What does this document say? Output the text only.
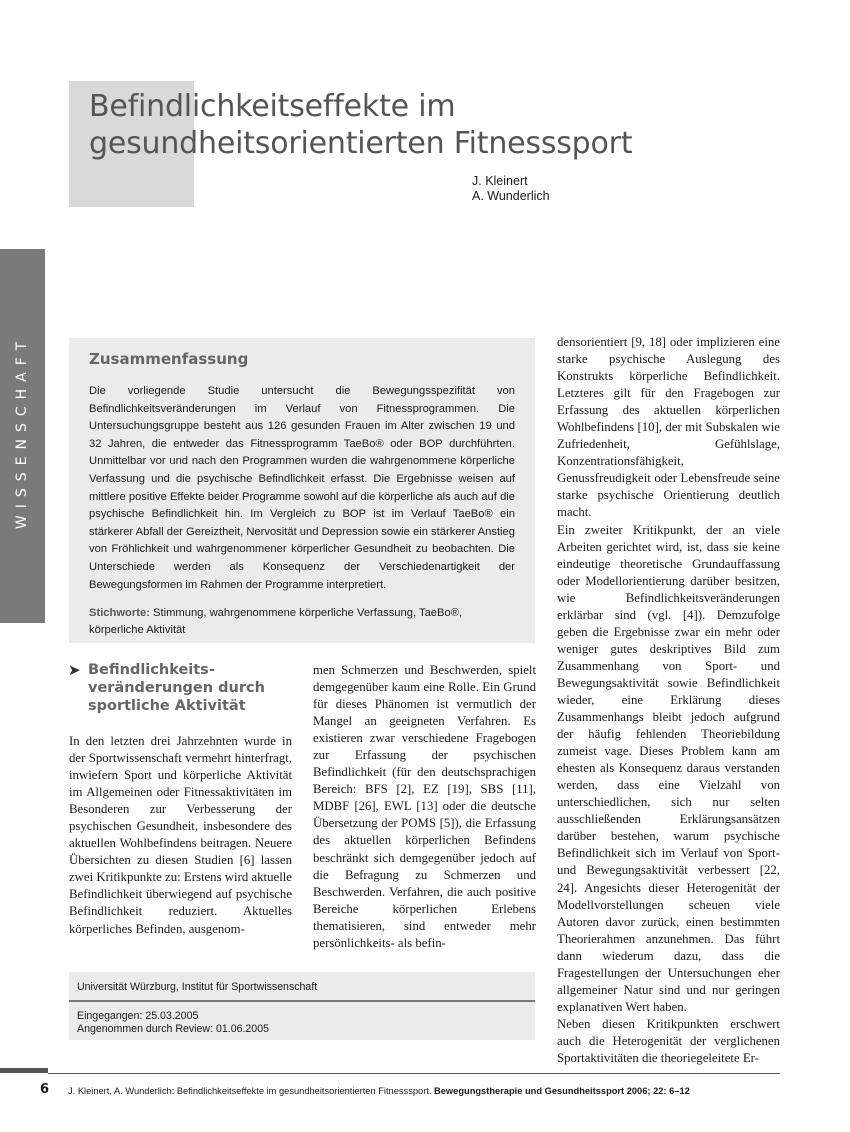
Befindlichkeitseffekte im gesundheitsorientierten Fitnesssport
J. Kleinert
A. Wunderlich
WISSENSCHAFT	Zusammenfassung

Die vorliegende Studie untersucht die Bewegungsspezifität von Befindlichkeitsveränderungen im Verlauf von Fitnessprogrammen. Die Untersuchungsgruppe besteht aus 126 gesunden Frauen im Alter zwischen 19 und 32 Jahren, die entweder das Fitnessprogramm TaeBo® oder BOP durchführten. Unmittelbar vor und nach den Programmen wurden die wahrgenommene körperliche Verfassung und die psychische Befindlichkeit erfasst. Die Ergebnisse weisen auf mittlere positive Effekte beider Programme sowohl auf die körperliche als auch auf die psychische Befindlichkeit hin. Im Vergleich zu BOP ist im Verlauf TaeBo® ein stärkerer Abfall der Gereiztheit, Nervosität und Depression sowie ein stärkerer Anstieg von Fröhlichkeit und wahrgenommener körperlicher Gesundheit zu beobachten. Die Unterschiede werden als Konsequenz der Verschiedenartigkeit der Bewegungsformen im Rahmen der Programme interpretiert.

Stichworte: Stimmung, wahrgenommene körperliche Verfassung, TaeBo®, körperliche Aktivität
➤ Befindlichkeits-veränderungen durch sportliche Aktivität

In den letzten drei Jahrzehnten wurde in der Sportwissenschaft vermehrt hinterfragt, inwiefern Sport und körperliche Aktivität im Allgemeinen oder Fitnessaktivitäten im Besonderen zur Verbesserung der psychischen Gesundheit, insbesondere des aktuellen Wohlbefindens beitragen. Neuere Übersichten zu diesen Studien [6] lassen zwei Kritikpunkte zu: Erstens wird aktuelle Befindlichkeit überwiegend auf psychische Befindlichkeit reduziert. Aktuelles körperliches Befinden, ausgenom-

men Schmerzen und Beschwerden, spielt demgegenüber kaum eine Rolle. Ein Grund für dieses Phänomen ist vermutlich der Mangel an geeigneten Verfahren. Es existieren zwar verschiedene Fragebogen zur Erfassung der psychischen Befindlichkeit (für den deutschsprachigen Bereich: BFS [2], EZ [19], SBS [11], MDBF [26], EWL [13] oder die deutsche Übersetzung der POMS [5]), die Erfassung des aktuellen körperlichen Befindens beschränkt sich demgegenüber jedoch auf die Befragung zu Schmerzen und Beschwerden. Verfahren, die auch positive Bereiche körperlichen Erlebens thematisieren, sind entweder mehr persönlichkeits- als befin-

densorientiert [9, 18] oder implizieren eine starke psychische Auslegung des Konstrukts körperliche Befindlichkeit. Letzteres gilt für den Fragebogen zur Erfassung des aktuellen körperlichen Wohlbefindens [10], der mit Subskalen wie Zufriedenheit, Gefühlslage, Konzentrationsfähigkeit, Genussfreudigkeit oder Lebensfreude seine starke psychische Orientierung deutlich macht.

Ein zweiter Kritikpunkt, der an viele Arbeiten gerichtet wird, ist, dass sie keine eindeutige theoretische Grundauffassung oder Modellorientierung darüber besitzen, wie Befindlichkeitsveränderungen erklärbar sind (vgl. [4]). Demzufolge geben die Ergebnisse zwar ein mehr oder weniger gutes deskriptives Bild zum Zusammenhang von Sport- und Bewegungsaktivität sowie Befindlichkeit wieder, eine Erklärung dieses Zusammenhangs bleibt jedoch aufgrund der häufig fehlenden Theoriebildung zumeist vage. Dieses Problem kann am ehesten als Konsequenz daraus verstanden werden, dass eine Vielzahl von unterschiedlichen, sich nur selten ausschließenden Erklärungsansätzen darüber bestehen, warum psychische Befindlichkeit sich im Verlauf von Sport- und Bewegungsaktivität verbessert [22, 24]. Angesichts dieser Heterogenität der Modellvorstellungen scheuen viele Autoren davor zurück, einen bestimmten Theorierahmen anzunehmen. Das führt dann wiederum dazu, dass die Fragestellungen der Untersuchungen eher allgemeiner Natur sind und nur geringen explanativen Wert haben.

Neben diesen Kritikpunkten erschwert auch die Heterogenität der verglichenen Sportaktivitäten die theoriegeleitete Er-

Universität Würzburg, Institut für Sportwissenschaft
Eingegangen: 25.03.2005
Angenommen durch Review: 01.06.2005
6 J. Kleinert, A. Wunderlich: Befindlichkeitseffekte im gesundheitsorientierten Fitnesssport. Bewegungstherapie und Gesundheitssport 2006; 22: 6–12
